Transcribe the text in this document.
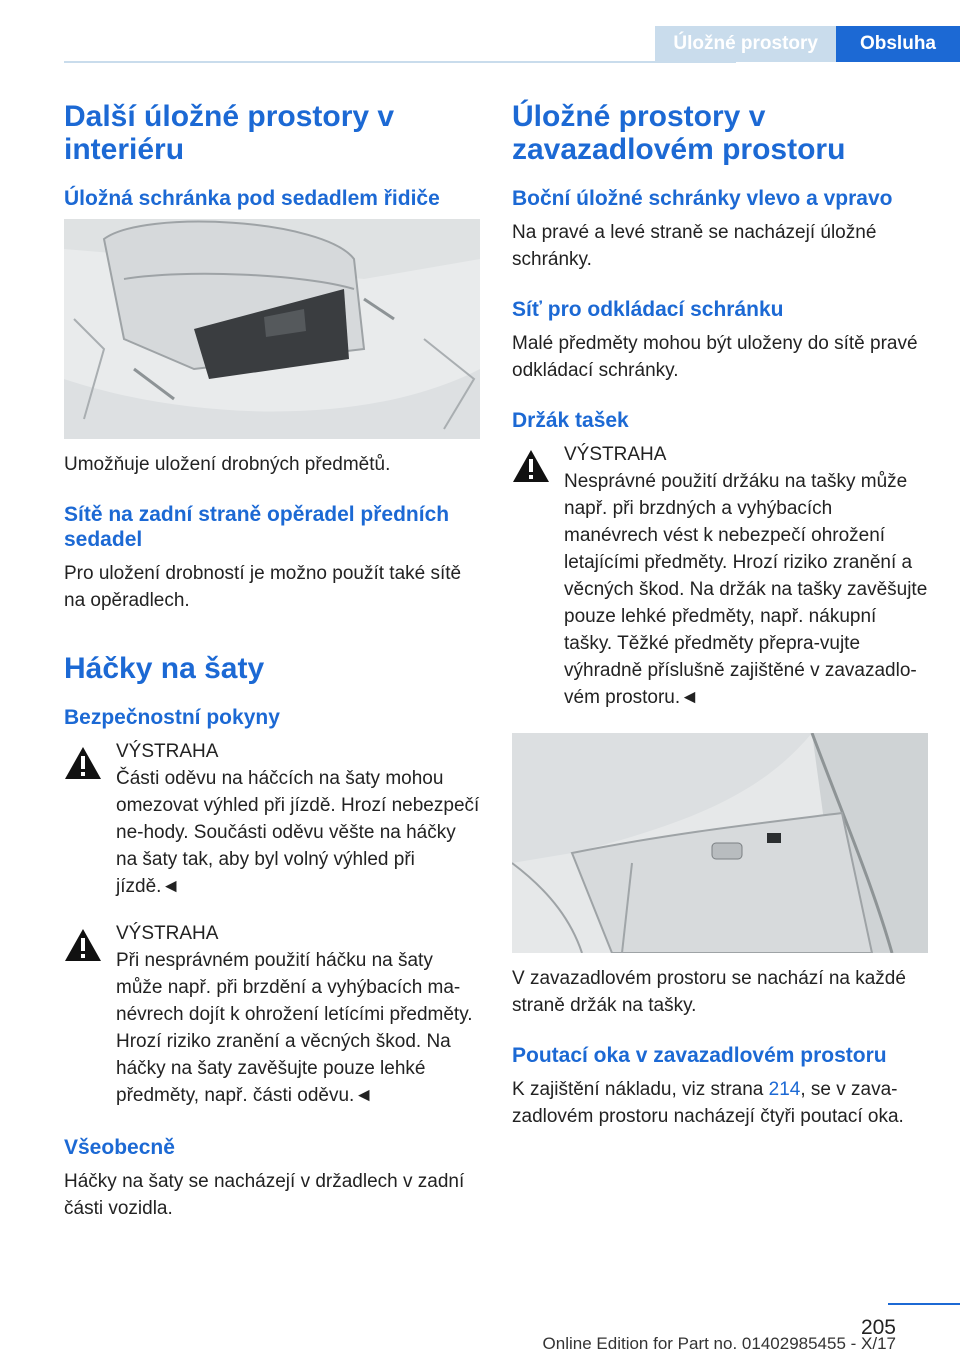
Úložné prostory Obsluha
Další úložné prostory v interiéru
Úložná schránka pod sedadlem řidiče

Umožňuje uložení drobných předmětů.

Sítě na zadní straně opěradel předních sedadel

Pro uložení drobností je možno použít také sítě na opěradlech.

Háčky na šaty
Bezpečnostní pokyny
VÝSTRAHA
Části oděvu na háčcích na šaty mohou omezovat výhled při jízdě. Hrozí nebezpečí ne-hody. Součásti oděvu věšte na háčky na šaty tak, aby byl volný výhled při jízdě.◄
VÝSTRAHA
Při nesprávném použití háčku na šaty může např. při brzdění a vyhýbacích ma-névrech dojít k ohrožení letícími předměty. Hrozí riziko zranění a věcných škod. Na háčky na šaty zavěšujte pouze lehké předměty, např. části oděvu.◄
Všeobecně

Háčky na šaty se nacházejí v držadlech v zadní části vozidla.

Úložné prostory v zavazadlovém prostoru
Boční úložné schránky vlevo a vpravo

Na pravé a levé straně se nacházejí úložné schránky.

Síť pro odkládací schránku

Malé předměty mohou být uloženy do sítě pravé odkládací schránky.

Držák tašek
VÝSTRAHA
Nesprávné použití držáku na tašky může např. při brzdných a vyhýbacích manévrech vést k nebezpečí ohrožení letajícími předměty. Hrozí riziko zranění a věcných škod. Na držák na tašky zavěšujte pouze lehké předměty, např. nákupní tašky. Těžké předměty přepra-vujte výhradně příslušně zajištěné v zavazadlo-vém prostoru.◄

V zavazadlovém prostoru se nachází na každé straně držák na tašky.

Poutací oka v zavazadlovém prostoru

K zajištění nákladu, viz strana 214, se v zava-zadlovém prostoru nacházejí čtyři poutací oka.

205
Online Edition for Part no. 01402985455 - X/17
